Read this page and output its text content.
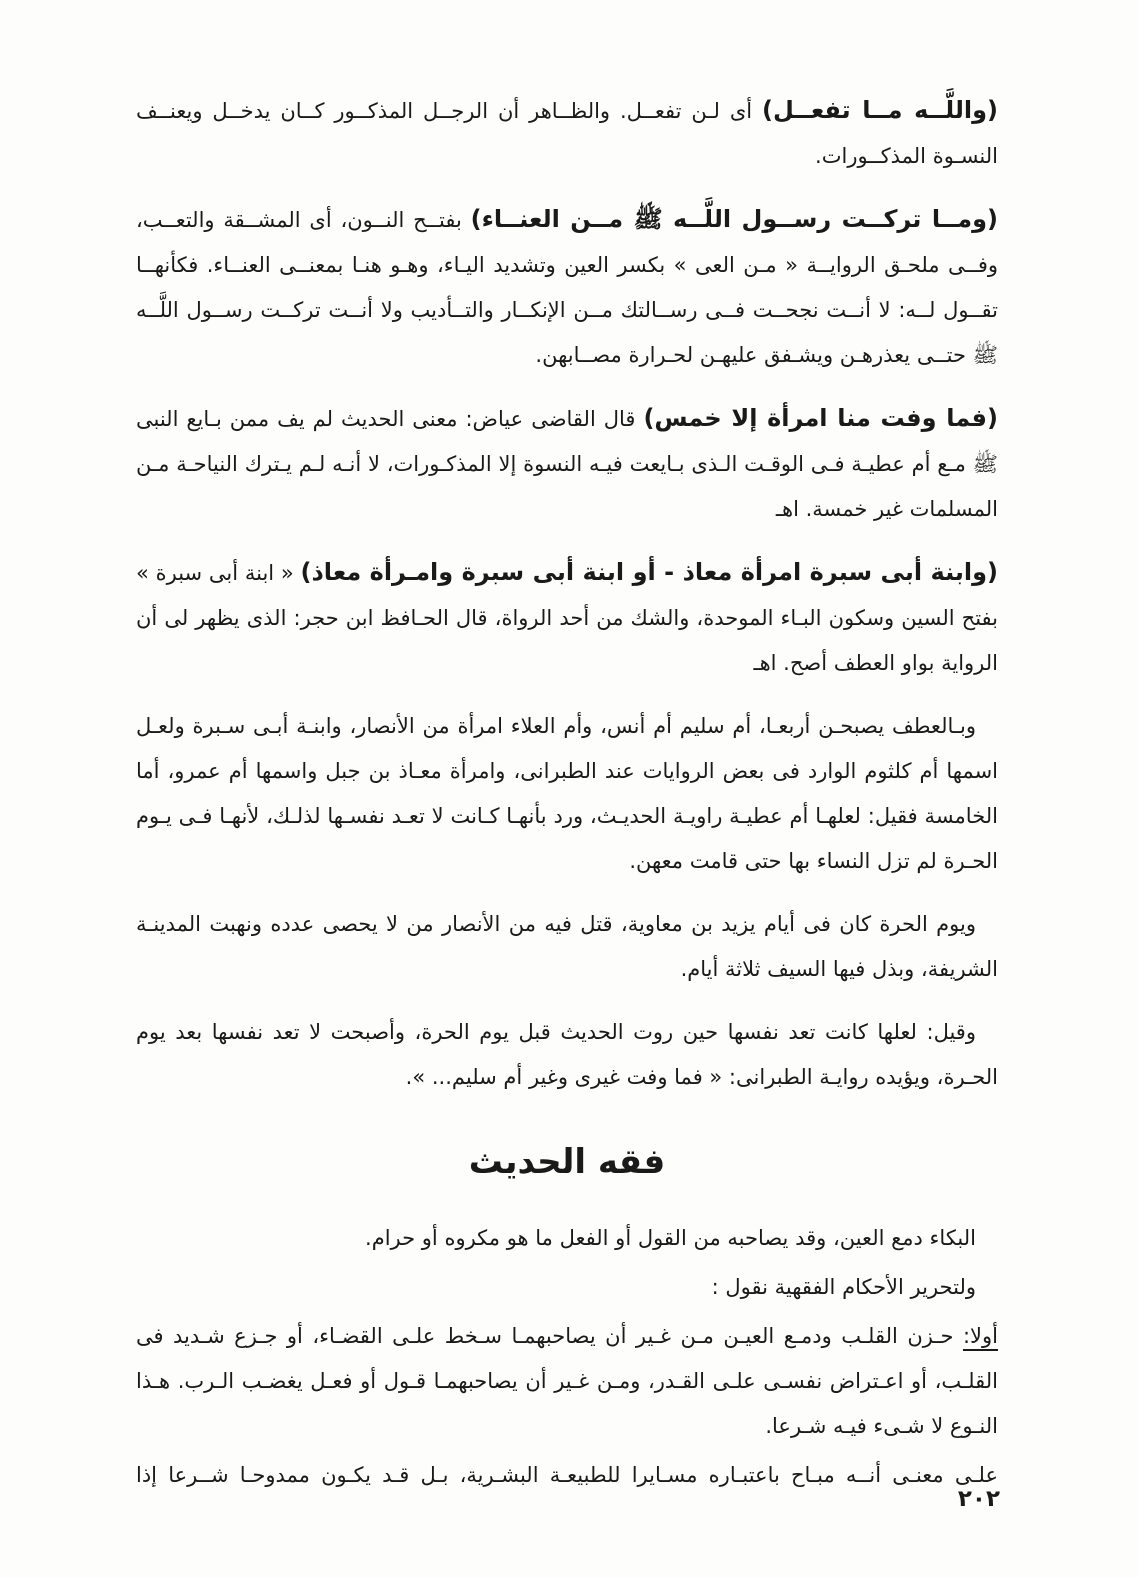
(واللَّــه مــا تفعــل) أى لـن تفعــل. والظــاهر أن الرجــل المذكــور كــان يدخــل ويعنــف النسـوة المذكــورات.

(ومــا تركــت رســول اللَّــه ﷺ مــن العنــاء) بفتــح النــون، أى المشــقة والتعــب، وفــى ملحـق الروايــة « مـن العى » بكسر العين وتشديد اليـاء، وهـو هنـا بمعنــى العنــاء. فكأنهــا تقــول لــه: لا أنــت نجحــت فــى رســالتك مــن الإنكــار والتــأديب ولا أنــت تركــت رســول اللَّــه ﷺ حتــى يعذرهـن ويشـفق عليهـن لحـرارة مصــابهن.

(فما وفت منا امرأة إلا خمس) قال القاضى عياض: معنى الحديث لم يف ممن بـايع النبى ﷺ مـع أم عطيـة فـى الوقـت الـذى بـايعت فيـه النسوة إلا المذكـورات، لا أنـه لـم يـترك النياحـة مـن المسلمات غير خمسة. اهـ

(وابنة أبى سبرة امرأة معاذ - أو ابنة أبى سبرة وامـرأة معاذ) « ابنة أبى سبرة » بفتح السين وسكون البـاء الموحدة، والشك من أحد الرواة، قال الحـافظ ابن حجر: الذى يظهر لى أن الرواية بواو العطف أصح. اهـ

وبـالعطف يصبحـن أربعـا، أم سليم أم أنس، وأم العلاء امرأة من الأنصار، وابنـة أبـى سـبرة ولعـل اسمها أم كلثوم الوارد فى بعض الروايات عند الطبرانى، وامرأة معـاذ بن جبل واسمها أم عمرو، أما الخامسة فقيل: لعلهـا أم عطيـة راويـة الحديـث، ورد بأنهـا كـانت لا تعـد نفسـها لذلـك، لأنهـا فـى يـوم الحـرة لم تزل النساء بها حتى قامت معهن.

ويوم الحرة كان فى أيام يزيد بن معاوية، قتل فيه من الأنصار من لا يحصى عدده ونهبت المدينـة الشريفة، وبذل فيها السيف ثلاثة أيام.

وقيل: لعلها كانت تعد نفسها حين روت الحديث قبل يوم الحرة، وأصبحت لا تعد نفسها بعد يوم الحـرة، ويؤيده روايـة الطبرانى: « فما وفت غيرى وغير أم سليم... ».

فقه الحديث

البكاء دمع العين، وقد يصاحبه من القول أو الفعل ما هو مكروه أو حرام.

ولتحرير الأحكام الفقهية نقول :

أولا: حـزن القلـب ودمـع العيـن مـن غـير أن يصاحبهمـا سـخط علـى القضـاء، أو جـزع شـديد فى القلـب، أو اعـتراض نفسـى علـى القـدر، ومـن غـير أن يصاحبهمـا قـول أو فعـل يغضـب الـرب. هـذا النـوع لا شـىء فيـه شـرعا.

علـى معنـى أنــه مبـاح باعتبـاره مسـايرا للطبيعـة البشـرية، بـل قـد يكـون ممدوحـا شــرعا إذا

٢٠٢
